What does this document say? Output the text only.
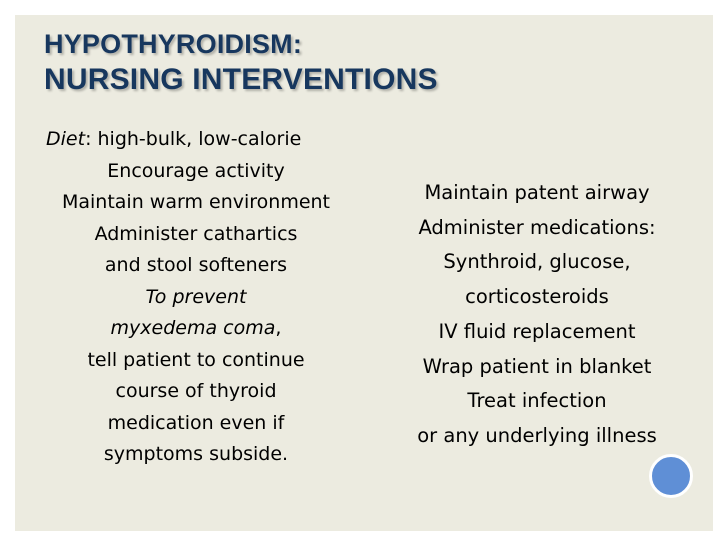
HYPOTHYROIDISM:
NURSING INTERVENTIONS
Diet: high-bulk, low-calorie
Encourage activity
Maintain warm environment
Administer cathartics
and stool softeners
To prevent
myxedema coma,
tell patient to continue
course of thyroid
medication even if
symptoms subside.
Maintain patent airway
Administer medications:
Synthroid, glucose,
corticosteroids
IV fluid replacement
Wrap patient in blanket
Treat infection
or any underlying illness
